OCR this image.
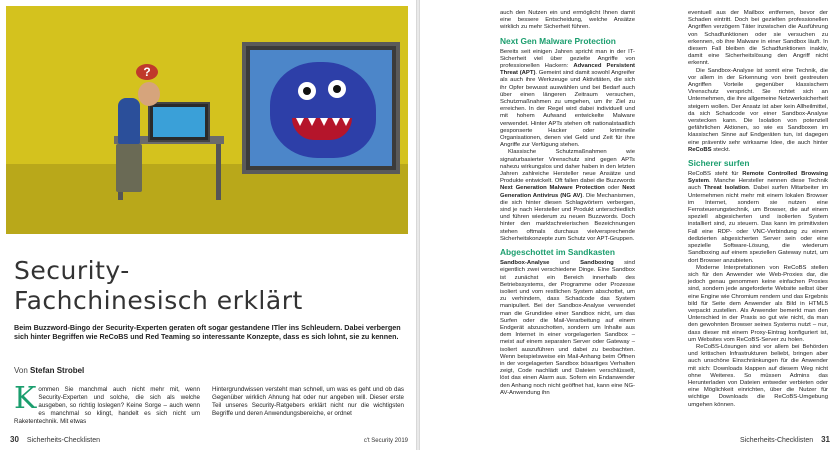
?
Security-
Fachchinesisch erklärt

Beim Buzzword-Bingo der Security-Experten geraten oft sogar gestandene ITler ins Schleudern. Dabei verbergen sich hinter Begriffen wie ReCoBS und Red Teaming so interessante Konzepte, dass es sich lohnt, sie zu kennen.

Von Stefan Strobel

K ommen Sie manchmal auch nicht mehr mit, wenn Security-Experten und solche, die sich als welche ausgeben, so richtig loslegen? Keine Sorge – auch wenn es manchmal so klingt, handelt es sich nicht um Raketentechnik. Mit etwas

Hintergrundwissen versteht man schnell, um was es geht und ob das Gegenüber wirklich Ahnung hat oder nur angeben will. Dieser erste Teil unseres Security-Ratgebers erklärt nicht nur die wichtigsten Begriffe und deren Anwendungsbereiche, er ordnet

30 Sicherheits-Checklisten	c't Security 2019

auch den Nutzen ein und ermöglicht Ihnen damit eine bessere Entscheidung, welche Ansätze wirklich zu mehr Sicherheit führen.

Next Gen Malware Protection

Bereits seit einigen Jahren spricht man in der IT-Sicherheit viel über gezielte Angriffe von professionellen Hackern: Advanced Persistent Threat (APT). Gemeint sind damit sowohl Angreifer als auch ihre Werkzeuge und Aktivitäten, die sich ihr Opfer bewusst auswählen und bei Bedarf auch über einen längeren Zeitraum versuchen, Schutzmaßnahmen zu umgehen, um ihr Ziel zu erreichen. In der Regel wird dabei individuell und mit hohem Aufwand entwickelte Malware verwendet. Hinter APTs stehen oft nationalstaatlich gesponserte Hacker oder kriminelle Organisationen, denen viel Geld und Zeit für ihre Angriffe zur Verfügung stehen.

Klassische Schutzmaßnahmen wie signaturbasierter Virenschutz sind gegen APTs nahezu wirkungslos und daher haben in den letzten Jahren zahlreiche Hersteller neue Ansätze und Produkte entwickelt. Oft fallen dabei die Buzzwords Next Generation Malware Protection oder Next Generation Antivirus (NG AV). Die Mechanismen, die sich hinter diesen Schlagwörtern verbergen, sind je nach Hersteller und Produkt unterschiedlich und führen wiederum zu neuen Buzzwords. Doch hinter den marktschreierischen Bezeichnungen stehen oftmals durchaus vielversprechende Sicherheitskonzepte zum Schutz vor APT-Gruppen.

Abgeschottet im Sandkasten

Sandbox-Analyse und Sandboxing sind eigentlich zwei verschiedene Dinge. Eine Sandbox ist zunächst ein Bereich innerhalb des Betriebssystems, der Programme oder Prozesse isoliert und vom restlichen System abschottet, um zu verhindern, dass Schadcode das System manipuliert. Bei der Sandbox-Analyse verwendet man die Grundidee einer Sandbox nicht, um das Surfen oder die Mail-Verarbeitung auf einem Endgerät abzuschotten, sondern um Inhalte aus dem Internet in einer vorgelagerten Sandbox – meist auf einem separaten Server oder Gateway – isoliert auszuführen und dabei zu beobachten. Wenn beispielsweise ein Mail-Anhang beim Öffnen in der vorgelagerten Sandbox bösartiges Verhalten zeigt, Code nachlädt und Dateien verschlüsselt, löst das einen Alarm aus. Sofern ein Endanwender den Anhang noch nicht geöffnet hat, kann eine NG-AV-Anwendung ihn

eventuell aus der Mailbox entfernen, bevor der Schaden eintritt. Doch bei gezielten professionellen Angriffen verzögern Täter inzwischen die Ausführung von Schadfunktionen oder sie versuchen zu erkennen, ob ihre Malware in einer Sandbox läuft. In diesem Fall bleiben die Schadfunktionen inaktiv, damit eine Sicherheitslösung den Angriff nicht erkennt.

Die Sandbox-Analyse ist somit eine Technik, die vor allem in der Erkennung von breit gestreuten Angriffen Vorteile gegenüber klassischem Virenschutz verspricht. Sie richtet sich an Unternehmen, die ihre allgemeine Netzwerksicherheit steigern wollen. Der Ansatz ist aber kein Allheilmittel, da sich Schadcode vor einer Sandbox-Analyse verstecken kann. Die Isolation von potenziell gefährlichen Aktionen, so wie es Sandboxen im klassischen Sinne auf Endgeräten tun, ist dagegen eine präventiv sehr wirksame Idee, die auch hinter ReCoBS steckt.

Sicherer surfen

ReCoBS steht für Remote Controlled Browsing System. Manche Hersteller nennen diese Technik auch Threat Isolation. Dabei surfen Mitarbeiter im Unternehmen nicht mehr mit einem lokalen Browser im Internet, sondern sie nutzen eine Fernsteuerungstechnik, um Browser, die auf einem speziell abgesicherten und isolierten System installiert sind, zu steuern. Das kann im primitivsten Fall eine RDP- oder VNC-Verbindung zu einem dedizierten abgesicherten Server sein oder eine spezielle Software-Lösung, die wiederum Sandboxing auf einem speziellen Gateway nutzt, um dort Browser anzubieten.

Moderne Interpretationen von ReCoBS stellen sich für den Anwender wie Web-Proxies dar, die jedoch genau genommen keine einfachen Proxies sind, sondern jede angeforderte Website selbst über eine Engine wie Chromium rendern und das Ergebnis bild für Seite dem Anwender als Bild in HTML5 verpackt zustellen. Als Anwender bemerkt man den Unterschied in der Praxis so gut wie nicht, da man den gewohnten Browser seines Systems nutzt – nur, dass dieser mit einem Proxy-Eintrag konfiguriert ist, um Websites vom ReCoBS-Server zu holen.

ReCoBS-Lösungen sind vor allem bei Behörden und kritischen Infrastrukturen beliebt, bringen aber auch unschöne Einschränkungen für die Anwender mit sich: Downloads klappen auf diesem Weg nicht ohne Weiteres. So müssen Admins das Herunterladen von Dateien entweder verbieten oder eine Möglichkeit einrichten, über die Nutzer für wichtige Downloads die ReCoBS-Umgebung umgehen können.

Sicherheits-Checklisten 31
